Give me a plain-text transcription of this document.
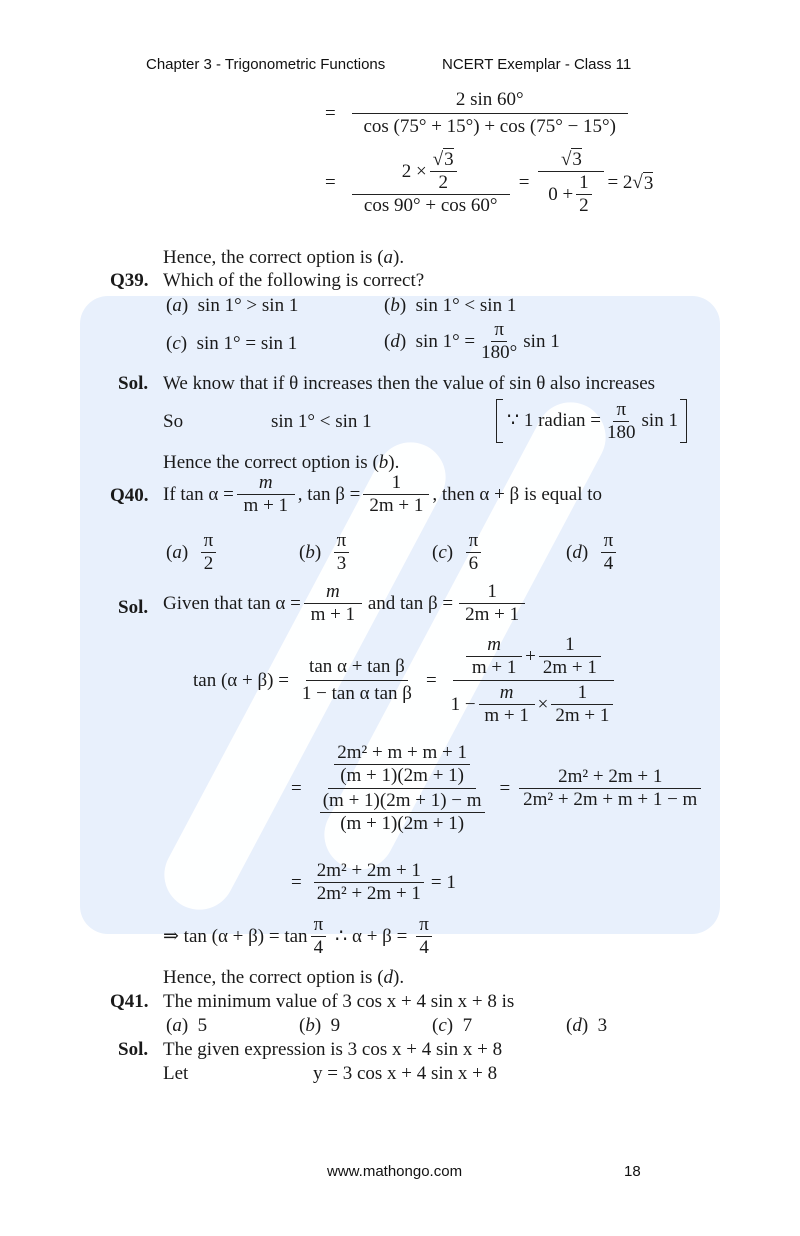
Chapter 3 - Trigonometric Functions	NCERT Exemplar - Class 11
= $\frac{2 \sin 60^\circ}{\cos (75^\circ + 15^\circ) + \cos (75^\circ - 15^\circ)}$
= $\frac{2 \times \frac{√3}{2}}{\cos 90^\circ + \cos 60^\circ} = \frac{√3}{0 + \frac{1}{2}} = 2$ √ 3
Hence, the correct option is (a).
Q39. Which of the following is correct?
(a)  sin 1° > sin 1	(b)  sin 1° < sin 1
(c)  sin 1° = sin 1	(d) $\sin 1^\circ = \frac{\pi}{180^\circ}$ sin 1
Sol. We know that if θ increases then the value of sin θ also increases
So	sin 1° < sin 1	∵ 1 radian = $\frac{\pi}{180}$ sin 1
Hence the correct option is (b).
Q40. If $\tan \alpha = \frac{m}{m + 1}$ , $\tan \beta = \frac{1}{2m + 1}$ , then α + β is equal to
$(a) \frac{\pi}{2}$	$(b) \frac{\pi}{3}$	$(c) \frac{\pi}{6}$	$(d) \frac{\pi}{4}$
Sol. Given that $\tan \alpha = \frac{m}{m + 1}$ and $\tan \beta = \frac{1}{2m + 1}$
$\tan (\alpha + \beta) = \frac{\text{tan α + tan β}}{\text{1 − tan α tan β}} = \frac{\frac{m}{m + 1} + \frac{1}{2m + 1}}{1 - \frac{m}{m + 1} \times \frac{1}{2m + 1}}$
= $\frac{\frac{\text{2m² + m + m + 1}}{(m + 1)(2m + 1)}}{\frac{(m + 1)(2m + 1) - m}{(m + 1)(2m + 1)}} = \frac{\text{2m² + 2m + 1}}{\text{2m² + 2m + m + 1 − m}}$
= $\frac{\text{2m² + 2m + 1}}{\text{2m² + 2m + 1}} = 1$
⇒ $\tan (\alpha + \beta) = \tan \frac{\pi}{4}$ ∴ $\alpha + \beta = \frac{\pi}{4}$
Hence, the correct option is (d).
Q41. The minimum value of 3 cos x + 4 sin x + 8 is
(a)  5	(b)  9	(c)  7	(d)  3
Sol. The given expression is 3 cos x + 4 sin x + 8
Let	y = 3 cos x + 4 sin x + 8
www.mathongo.com	18
